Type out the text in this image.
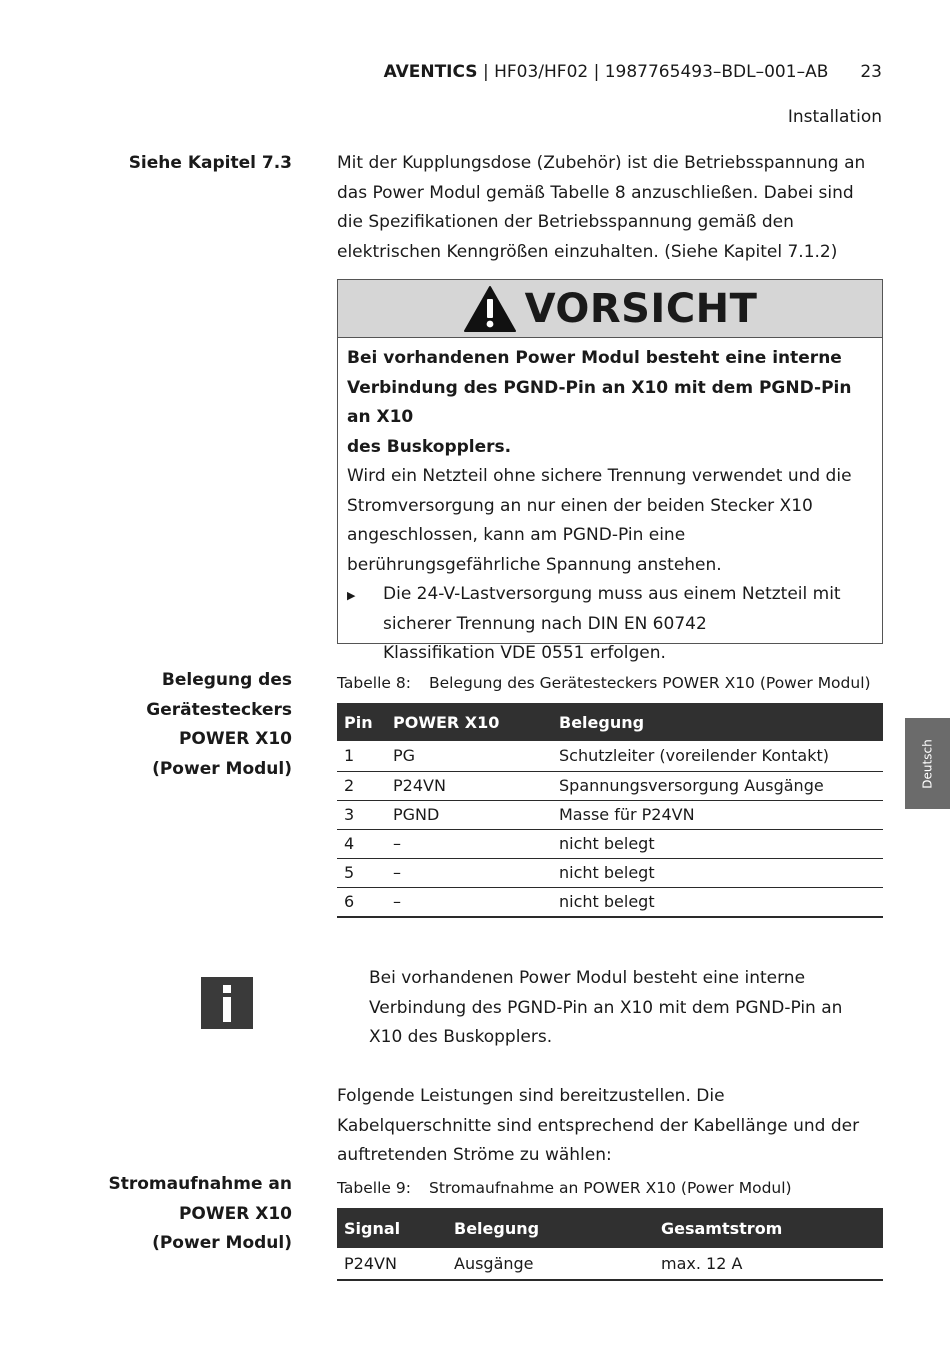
AVENTICS | HF03/HF02 | 1987765493–BDL–001–AB 23
Installation
Siehe Kapitel 7.3	Mit der Kupplungsdose (Zubehör) ist die Betriebsspannung an
das Power Modul gemäß Tabelle 8 anzuschließen. Dabei sind
die Spezifikationen der Betriebsspannung gemäß den
elektrischen Kenngrößen einzuhalten. (Siehe Kapitel 7.1.2)
VORSICHT
Bei vorhandenen Power Modul besteht eine interne
Verbindung des PGND-Pin an X10 mit dem PGND-Pin an X10
des Buskopplers.
Wird ein Netzteil ohne sichere Trennung verwendet und die
Stromversorgung an nur einen der beiden Stecker X10
angeschlossen, kann am PGND-Pin eine
berührungsgefährliche Spannung anstehen.
▶	Die 24-V-Lastversorgung muss aus einem Netzteil mit
sicherer Trennung nach DIN EN 60742
Klassifikation VDE 0551 erfolgen.
Belegung des
Gerätesteckers
POWER X10
(Power Modul)
Tabelle 8: Belegung des Gerätesteckers POWER X10 (Power Modul)
Pin	POWER X10	Belegung
1	PG	Schutzleiter (voreilender Kontakt)
2	P24VN	Spannungsversorgung Ausgänge
3	PGND	Masse für P24VN
4	–	nicht belegt
5	–	nicht belegt
6	–	nicht belegt
Deutsch
Bei vorhandenen Power Modul besteht eine interne
Verbindung des PGND-Pin an X10 mit dem PGND-Pin an
X10 des Buskopplers.
Folgende Leistungen sind bereitzustellen. Die
Kabelquerschnitte sind entsprechend der Kabellänge und der
auftretenden Ströme zu wählen:
Stromaufnahme an
POWER X10
(Power Modul)
Tabelle 9: Stromaufnahme an POWER X10 (Power Modul)
Signal	Belegung	Gesamtstrom
P24VN	Ausgänge	max. 12 A
